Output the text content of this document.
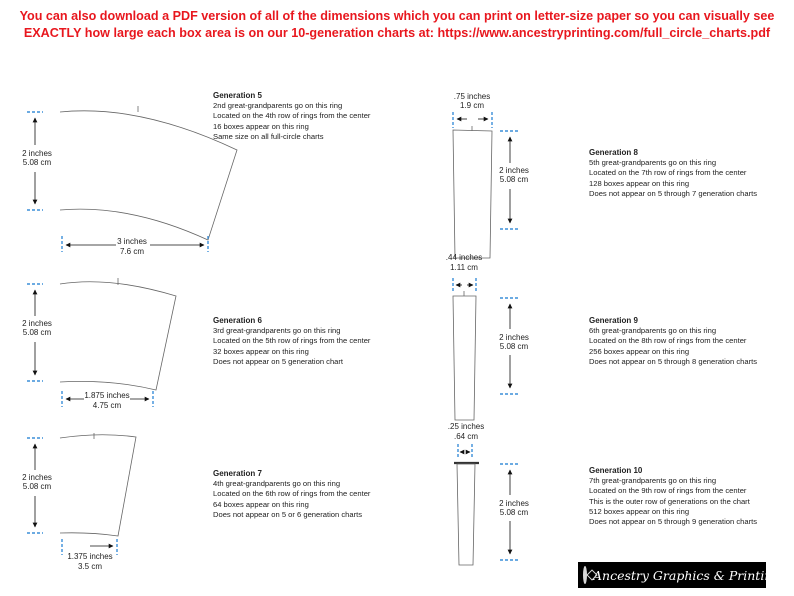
You can also download a PDF version of all of the dimensions which you can print on letter-size paper so you can visually see
EXACTLY how large each box area is on our 10-generation charts at: https://www.ancestryprinting.com/full_circle_charts.pdf
2 inches
5.08 cm
3 inches
7.6 cm
2 inches
5.08 cm
1.875 inches
4.75 cm
2 inches
5.08 cm
1.375 inches
3.5 cm
.75 inches
1.9 cm
2 inches
5.08 cm
.44 inches
1.11 cm
2 inches
5.08 cm
.25 inches
.64 cm
2 inches
5.08 cm
Generation 5
2nd great-grandparents go on this ring
Located on the 4th row of rings from the center
16 boxes appear on this ring
Same size on all full-circle charts
Generation 6
3rd great-grandparents go on this ring
Located on the 5th row of rings from the center
32 boxes appear on this ring
Does not appear on 5 generation chart
Generation 7
4th great-grandparents go on this ring
Located on the 6th row of rings from the center
64 boxes appear on this ring
Does not appear on 5 or 6 generation charts
Generation 8
5th great-grandparents go on this ring
Located on the 7th row of rings from the center
128 boxes appear on this ring
Does not appear on 5 through 7 generation charts
Generation 9
6th great-grandparents go on this ring
Located on the 8th row of rings from the center
256 boxes appear on this ring
Does not appear on 5 through 8 generation charts
Generation 10
7th great-grandparents go on this ring
Located on the 9th row of rings from the center
This is the outer row of generations on the chart
512 boxes appear on this ring
Does not appear on 5 through 9 generation charts
Ancestry Graphics & Printing
